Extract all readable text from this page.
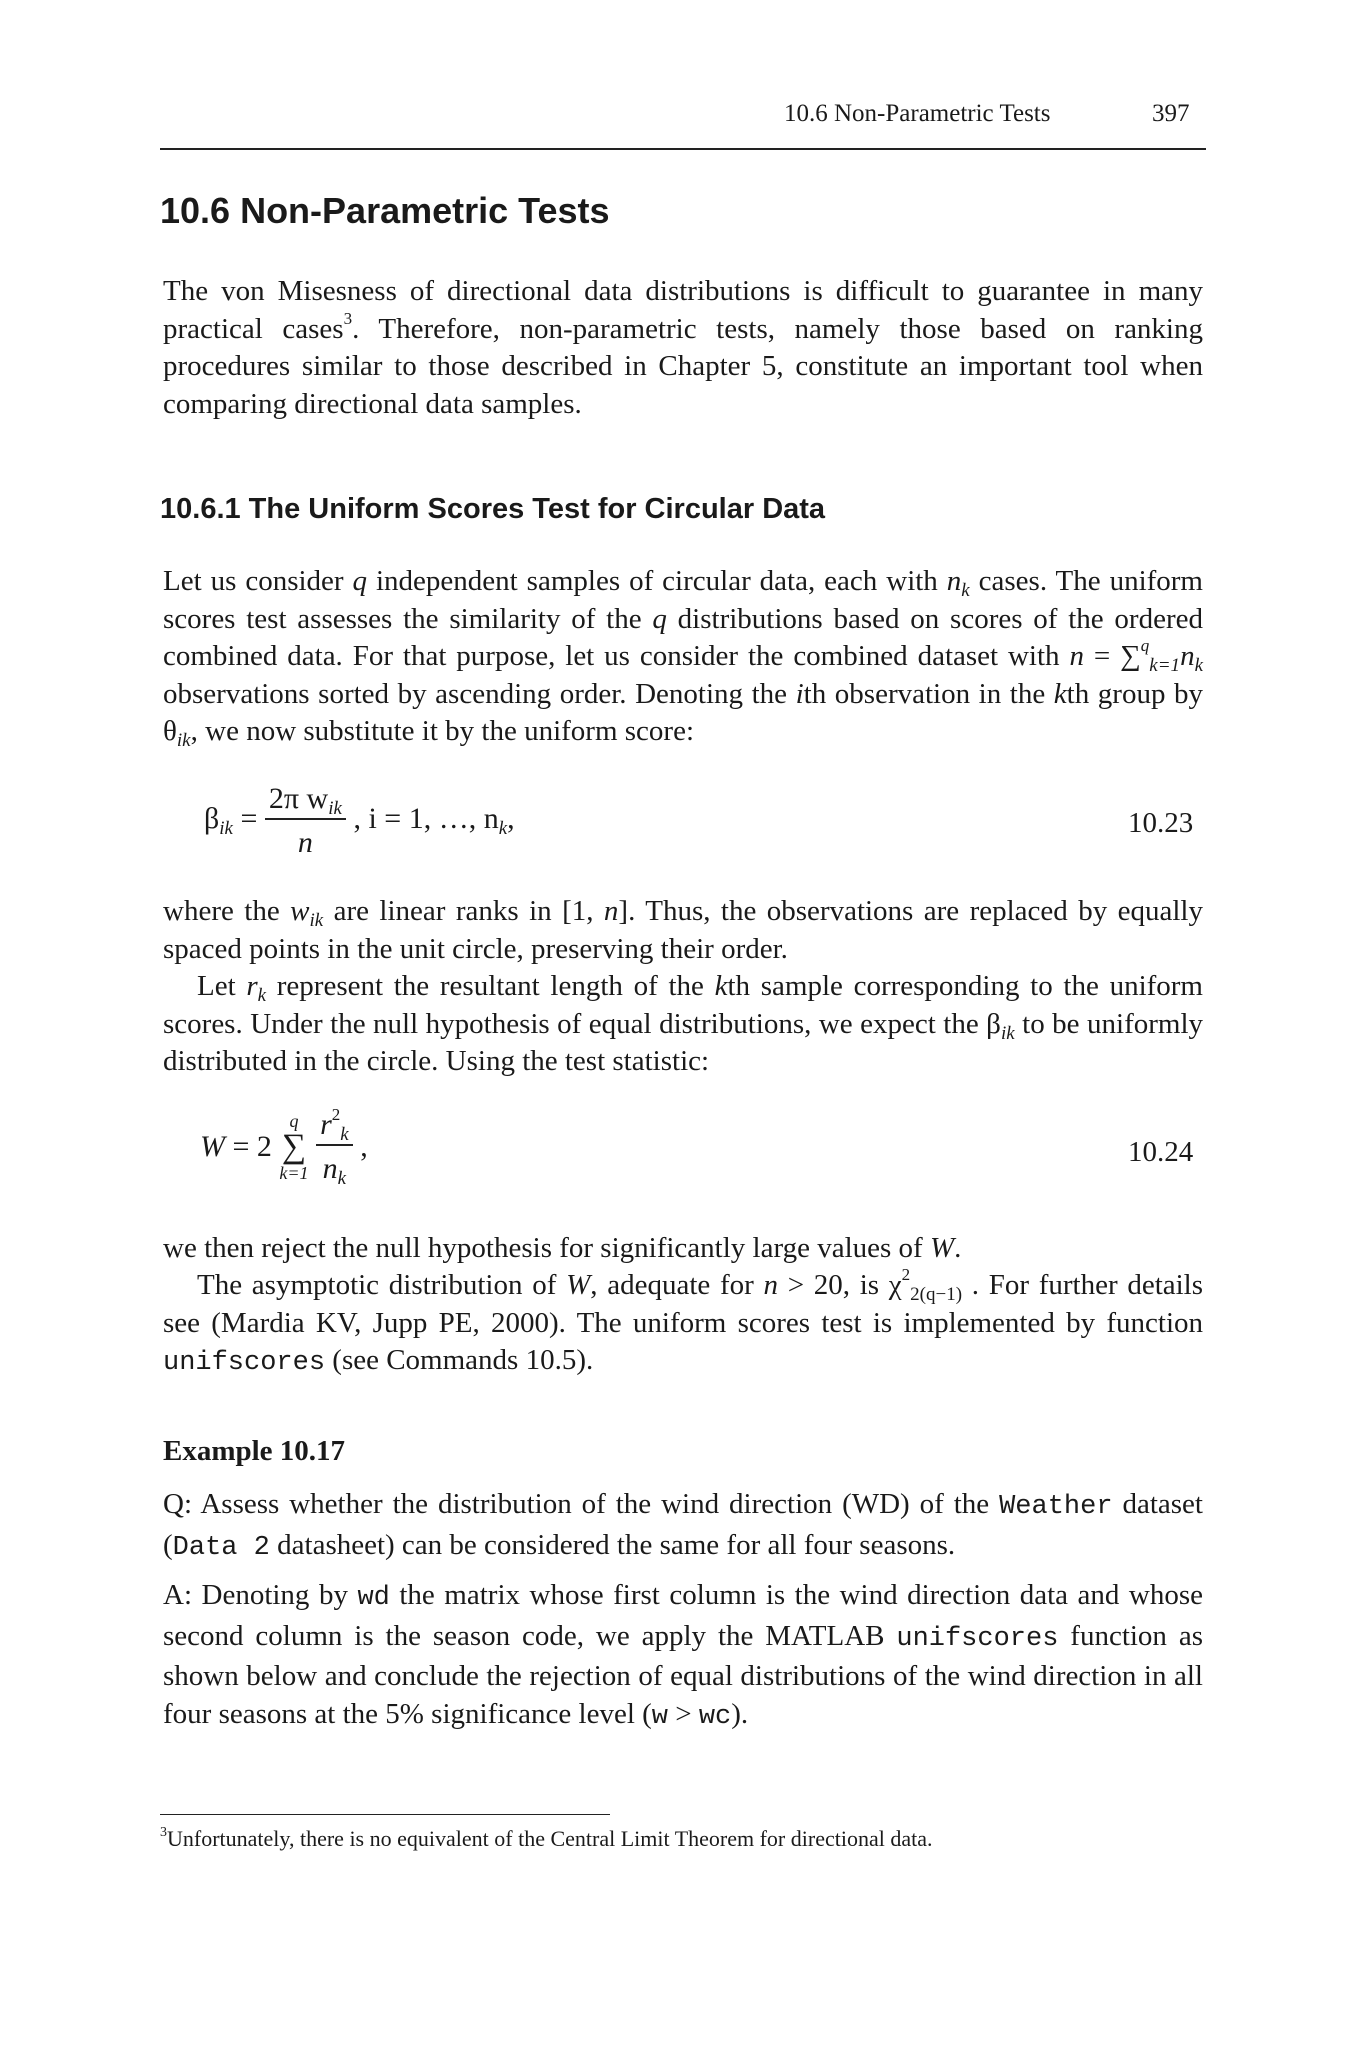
10.6 Non-Parametric Tests	397
10.6 Non-Parametric Tests
The von Misesness of directional data distributions is difficult to guarantee in many practical cases$^3$. Therefore, non-parametric tests, namely those based on ranking procedures similar to those described in Chapter 5, constitute an important tool when comparing directional data samples.
10.6.1 The Uniform Scores Test for Circular Data
Let us consider q independent samples of circular data, each with $n_k$ cases. The uniform scores test assesses the similarity of the q distributions based on scores of the ordered combined data. For that purpose, let us consider the combined dataset with $n = \sum^q_{k=1}n_k$ observations sorted by ascending order. Denoting the ith observation in the kth group by $\theta_{ik}$, we now substitute it by the uniform score:
$\beta_{ik} = \frac{2\pi w_{ik}}{n}$ , i = 1, …, $n_k$,	10.23
where the $w_{ik}$ are linear ranks in [1, n]. Thus, the observations are replaced by equally spaced points in the unit circle, preserving their order.
Let $r_k$ represent the resultant length of the kth sample corresponding to the uniform scores. Under the null hypothesis of equal distributions, we expect the $\beta_{ik}$ to be uniformly distributed in the circle. Using the test statistic:
W = 2
q
∑
k=1
$\frac{r^2_k}{n_k}$ ,	10.24
we then reject the null hypothesis for significantly large values of W.
The asymptotic distribution of W, adequate for n > 20, is $\chi^2_{2(q-1)}$ . For further details see (Mardia KV, Jupp PE, 2000). The uniform scores test is implemented by function unifscores (see Commands 10.5).
Example 10.17
Q: Assess whether the distribution of the wind direction (WD) of the Weather dataset (Data 2 datasheet) can be considered the same for all four seasons.
A: Denoting by wd the matrix whose first column is the wind direction data and whose second column is the season code, we apply the MATLAB unifscores function as shown below and conclude the rejection of equal distributions of the wind direction in all four seasons at the 5% significance level (w > wc).
$^3$Unfortunately, there is no equivalent of the Central Limit Theorem for directional data.
